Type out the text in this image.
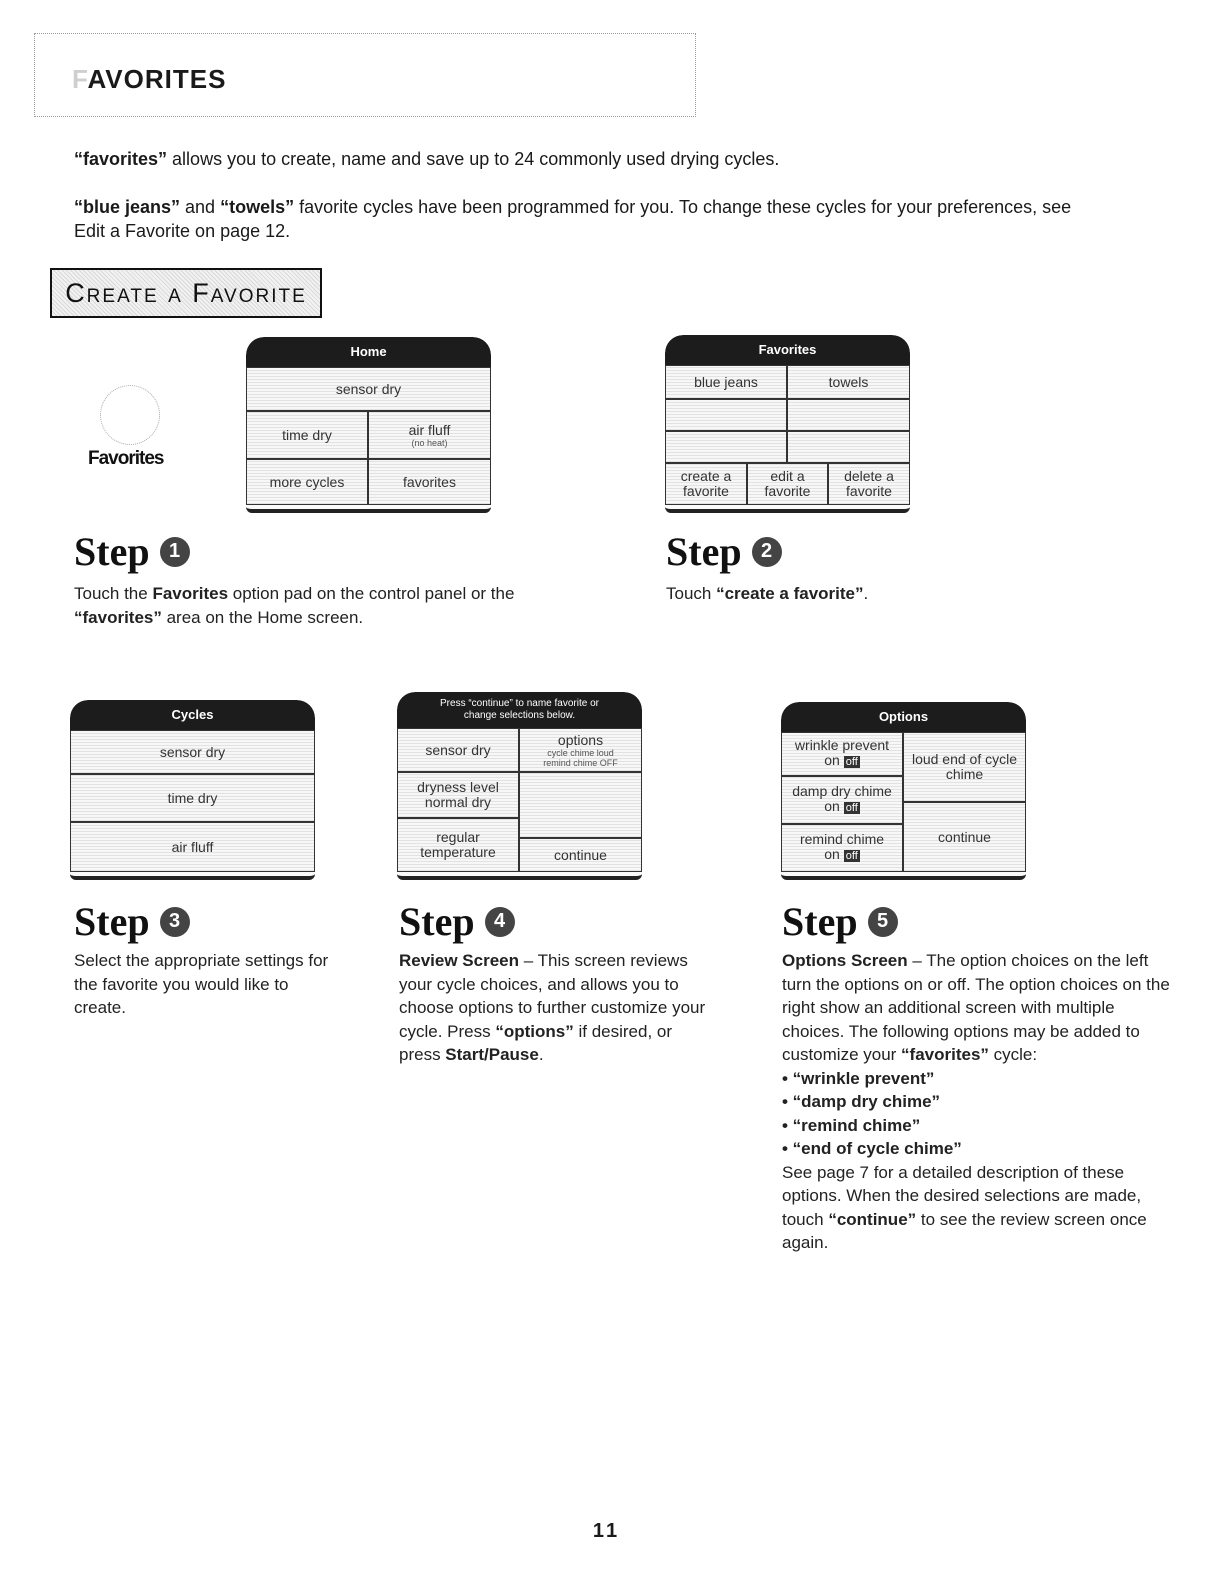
FAVORITES
“favorites” allows you to create, name and save up to 24 commonly used drying cycles.
“blue jeans” and “towels” favorite cycles have been programmed for you. To change these cycles for your preferences, see Edit a Favorite on page 12.
Create a Favorite
Favorites
Home
sensor dry
time dry	air fluff
(no heat)
more cycles	favorites
Favorites
blue jeans	towels
create a favorite
edit a favorite
delete a favorite
Step 1
Touch the Favorites option pad on the control panel or the “favorites” area on the Home screen.
Step 2
Touch “create a favorite”.
Cycles
sensor dry
time dry
air fluff
Press “continue” to name favorite or change selections below.
sensor dry
options
cycle chime loud remind chime OFF
dryness level normal dry
regular temperature	continue
Options
wrinkle prevent
on off	loud end of cycle chime
damp dry chime
on off
continue
remind chime
on off
Step 3
Select the appropriate settings for the favorite you would like to create.
Step 4
Review Screen – This screen reviews your cycle choices, and allows you to choose options to further customize your cycle. Press “options” if desired, or press Start/Pause.
Step 5
Options Screen – The option choices on the left turn the options on or off. The option choices on the right show an additional screen with multiple choices. The following options may be added to customize your “favorites” cycle:
• “wrinkle prevent”
• “damp dry chime”
• “remind chime”
• “end of cycle chime”
See page 7 for a detailed description of these options. When the desired selections are made, touch “continue” to see the review screen once again.
11
